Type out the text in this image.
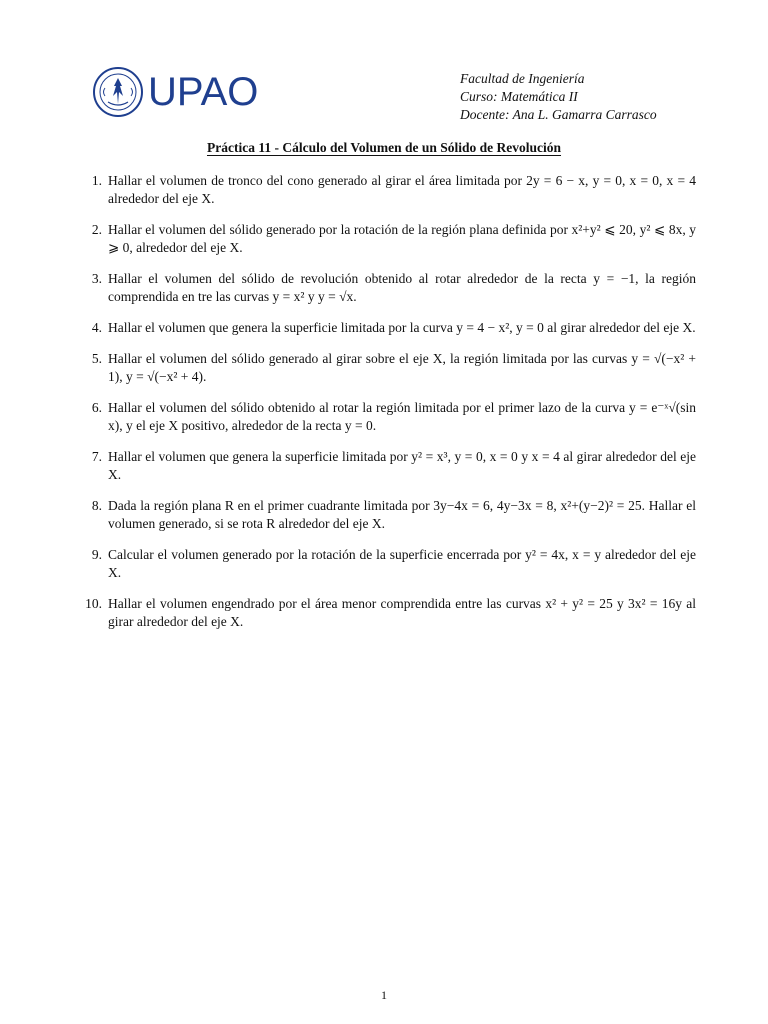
UPAO	Facultad de Ingeniería
Curso: Matemática II
Docente: Ana L. Gamarra Carrasco
Práctica 11 - Cálculo del Volumen de un Sólido de Revolución
1. Hallar el volumen de tronco del cono generado al girar el área limitada por 2y = 6 − x, y = 0, x = 0, x = 4 alrededor del eje X.

2. Hallar el volumen del sólido generado por la rotación de la región plana definida por x²+y² ⩽ 20, y² ⩽ 8x, y ⩾ 0, alrededor del eje X.

3. Hallar el volumen del sólido de revolución obtenido al rotar alrededor de la recta y = −1, la región comprendida en tre las curvas y = x² y y = √x.

4. Hallar el volumen que genera la superficie limitada por la curva y = 4 − x², y = 0 al girar alrededor del eje X.

5. Hallar el volumen del sólido generado al girar sobre el eje X, la región limitada por las curvas y = √(−x² + 1), y = √(−x² + 4).

6. Hallar el volumen del sólido obtenido al rotar la región limitada por el primer lazo de la curva y = e⁻ˣ√(sin x), y el eje X positivo, alrededor de la recta y = 0.

7. Hallar el volumen que genera la superficie limitada por y² = x³, y = 0, x = 0 y x = 4 al girar alrededor del eje X.

8. Dada la región plana R en el primer cuadrante limitada por 3y−4x = 6, 4y−3x = 8, x²+(y−2)² = 25. Hallar el volumen generado, si se rota R alrededor del eje X.

9. Calcular el volumen generado por la rotación de la superficie encerrada por y² = 4x, x = y alrededor del eje X.

10. Hallar el volumen engendrado por el área menor comprendida entre las curvas x² + y² = 25 y 3x² = 16y al girar alrededor del eje X.

1
